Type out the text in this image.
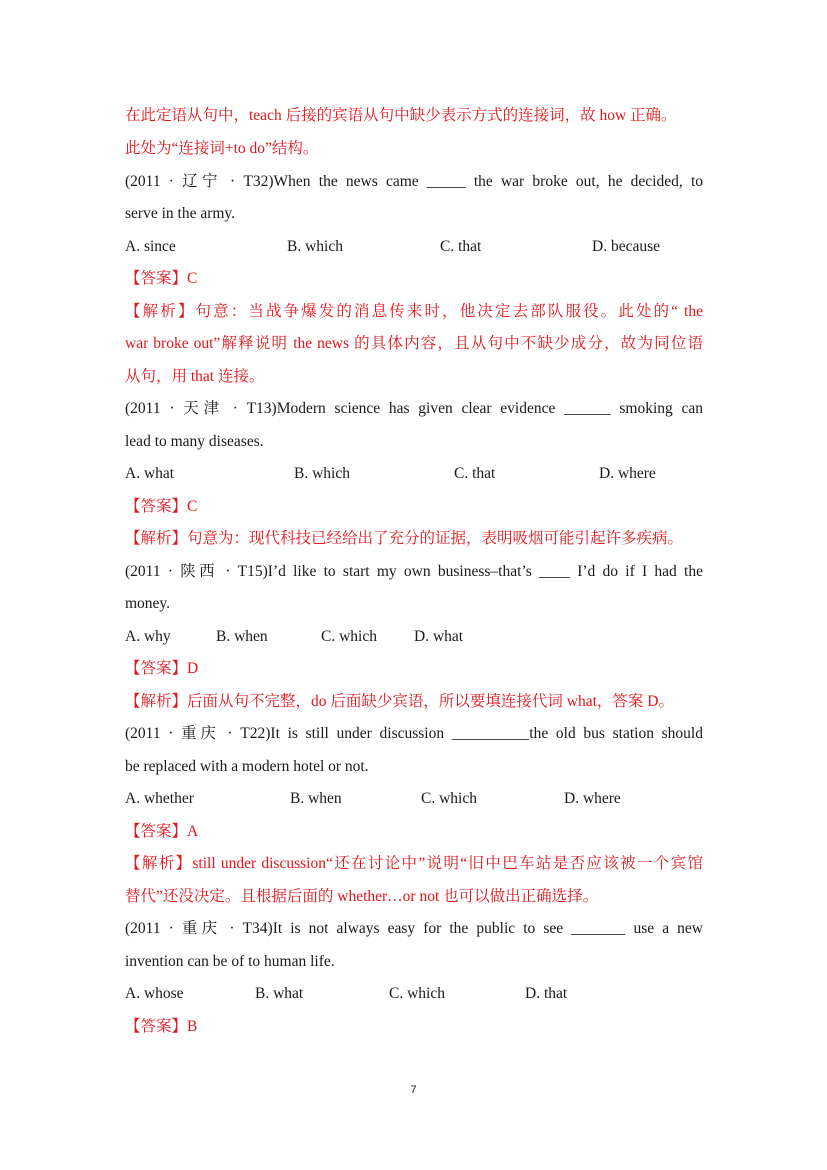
在此定语从句中，teach 后接的宾语从句中缺少表示方式的连接词，故 how 正确。
此处为“连接词+to do”结构。
(2011 · 辽宁 · T32)When the news came _____ the war broke out, he decided, to
serve in the army.
A. since	B. which	C. that	D. because
【答案】C
【解析】句意：当战争爆发的消息传来时，他决定去部队服役。此处的“ the
war broke out”解释说明 the news 的具体内容，且从句中不缺少成分，故为同位语
从句，用 that 连接。
(2011 · 天津 · T13)Modern science has given clear evidence ______ smoking can
lead to many diseases.
A. what	B. which	C. that	D. where
【答案】C
【解析】句意为：现代科技已经给出了充分的证据，表明吸烟可能引起许多疾病。
(2011 · 陕西 · T15)I’d like to start my own business–that’s ____ I’d do if I had the
money.
A. why	B. when	C. which D. what
【答案】D
【解析】后面从句不完整，do 后面缺少宾语，所以要填连接代词 what，答案 D。
(2011 · 重庆 · T22)It is still under discussion __________the old bus station should
be replaced with a modern hotel or not.
A. whether	B. when	C. which	D. where
【答案】A
【解析】still under discussion“还在讨论中”说明“旧中巴车站是否应该被一个宾馆
替代”还没决定。且根据后面的 whether…or not 也可以做出正确选择。
(2011 · 重庆 · T34)It is not always easy for the public to see _______ use a new
invention can be of to human life.
A. whose	B. what	C. which	D. that
【答案】B
7
